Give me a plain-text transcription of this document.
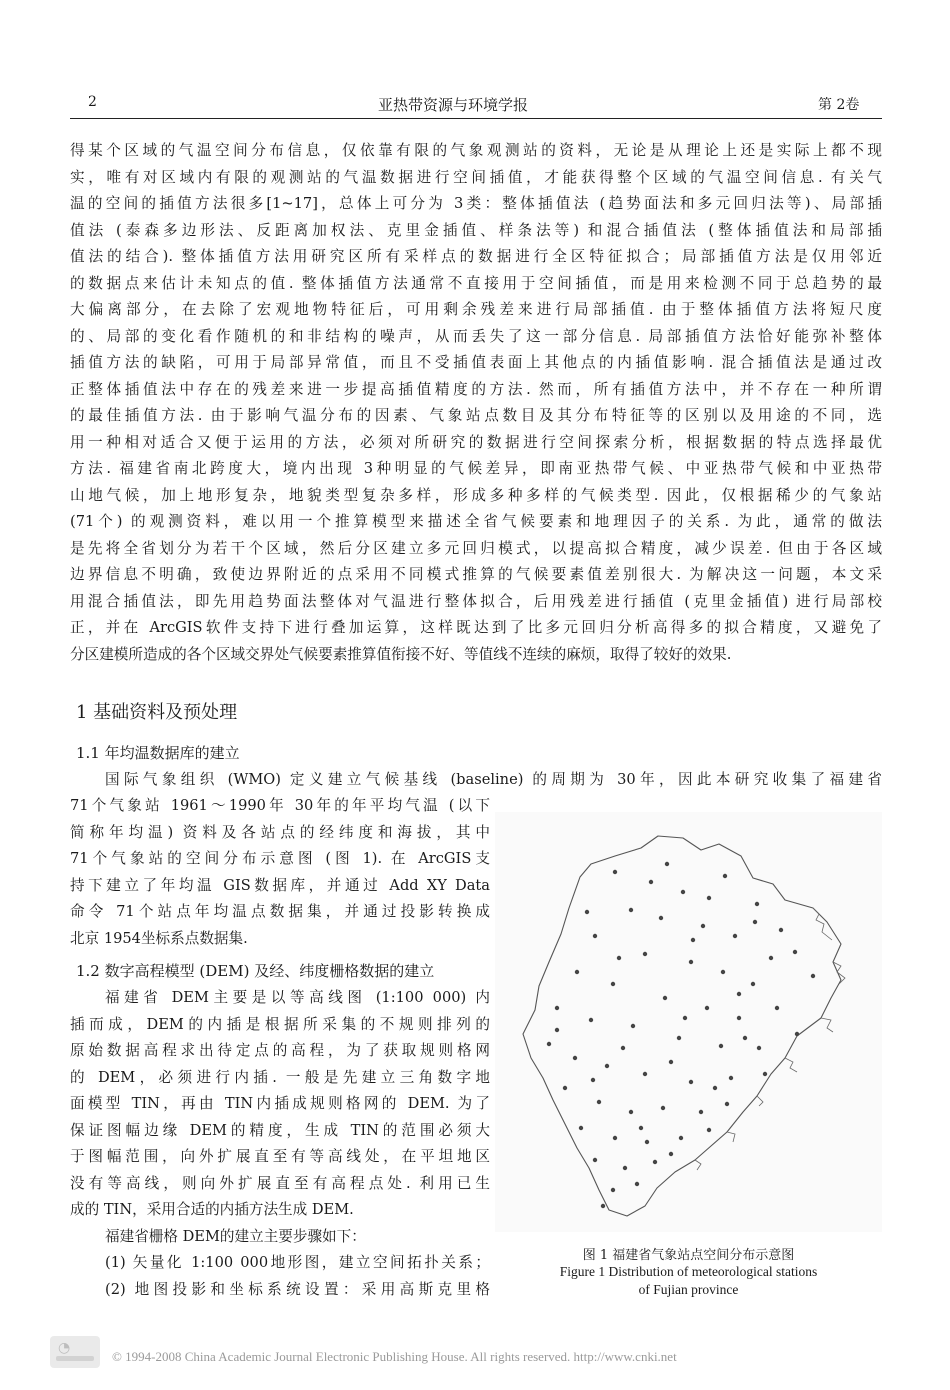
2	亚热带资源与环境学报	第 2卷
得某个区域的气温空间分布信息，仅依靠有限的气象观测站的资料，无论是从理论上还是实际上都不现
实，唯有对区域内有限的观测站的气温数据进行空间插值，才能获得整个区域的气温空间信息. 有关气
温的空间的插值方法很多[1~17]，总体上可分为 3类：整体插值法 (趋势面法和多元回归法等)、局部插
值法 (泰森多边形法、反距离加权法、克里金插值、样条法等) 和混合插值法 (整体插值法和局部插
值法的结合). 整体插值方法用研究区所有采样点的数据进行全区特征拟合；局部插值方法是仅用邻近
的数据点来估计未知点的值. 整体插值方法通常不直接用于空间插值，而是用来检测不同于总趋势的最
大偏离部分，在去除了宏观地物特征后，可用剩余残差来进行局部插值. 由于整体插值方法将短尺度
的、局部的变化看作随机的和非结构的噪声，从而丢失了这一部分信息. 局部插值方法恰好能弥补整体
插值方法的缺陷，可用于局部异常值，而且不受插值表面上其他点的内插值影响. 混合插值法是通过改
正整体插值法中存在的残差来进一步提高插值精度的方法. 然而，所有插值方法中，并不存在一种所谓
的最佳插值方法. 由于影响气温分布的因素、气象站点数目及其分布特征等的区别以及用途的不同，选
用一种相对适合又便于运用的方法，必须对所研究的数据进行空间探索分析，根据数据的特点选择最优
方法. 福建省南北跨度大，境内出现 3种明显的气候差异，即南亚热带气候、中亚热带气候和中亚热带
山地气候，加上地形复杂，地貌类型复杂多样，形成多种多样的气候类型. 因此，仅根据稀少的气象站
(71个) 的观测资料，难以用一个推算模型来描述全省气候要素和地理因子的关系. 为此，通常的做法
是先将全省划分为若干个区域，然后分区建立多元回归模式，以提高拟合精度，减少误差. 但由于各区域
边界信息不明确，致使边界附近的点采用不同模式推算的气候要素值差别很大. 为解决这一问题，本文采
用混合插值法，即先用趋势面法整体对气温进行整体拟合，后用残差进行插值 (克里金插值) 进行局部校
正，并在 ArcGIS软件支持下进行叠加运算，这样既达到了比多元回归分析高得多的拟合精度，又避免了
分区建模所造成的各个区域交界处气候要素推算值衔接不好、等值线不连续的麻烦，取得了较好的效果.
1 基础资料及预处理
1.1 年均温数据库的建立
国际气象组织 (WMO) 定义建立气候基线 (baseline) 的周期为 30年，因此本研究收集了福建省
71个气象站 1961～1990年 30年的年平均气温 (以下
简称年均温) 资料及各站点的经纬度和海拔，其中
71个气象站的空间分布示意图 (图 1). 在 ArcGIS支
持下建立了年均温 GIS数据库，并通过 Add XY Data
命令 71个站点年均温点数据集，并通过投影转换成
北京 1954坐标系点数据集.
1.2 数字高程模型 (DEM) 及经、纬度栅格数据的建立
福建省 DEM主要是以等高线图 (1:100 000) 内
插而成，DEM的内插是根据所采集的不规则排列的
原始数据高程求出待定点的高程，为了获取规则格网
的 DEM，必须进行内插. 一般是先建立三角数字地
面模型 TIN，再由 TIN内插成规则格网的 DEM. 为了
保证图幅边缘 DEM的精度，生成 TIN的范围必须大
于图幅范围，向外扩展直至有等高线处，在平坦地区
没有等高线，则向外扩展直至有高程点处. 利用已生
成的 TIN，采用合适的内插方法生成 DEM.
福建省栅格 DEM的建立主要步骤如下：
(1) 矢量化 1:100 000地形图，建立空间拓扑关系；
(2) 地图投影和坐标系统设置：采用高斯克里格
图 1 福建省气象站点空间分布示意图
Figure 1 Distribution of meteorological stations
of Fujian province
◔
© 1994-2008 China Academic Journal Electronic Publishing House. All rights reserved. http://www.cnki.net
